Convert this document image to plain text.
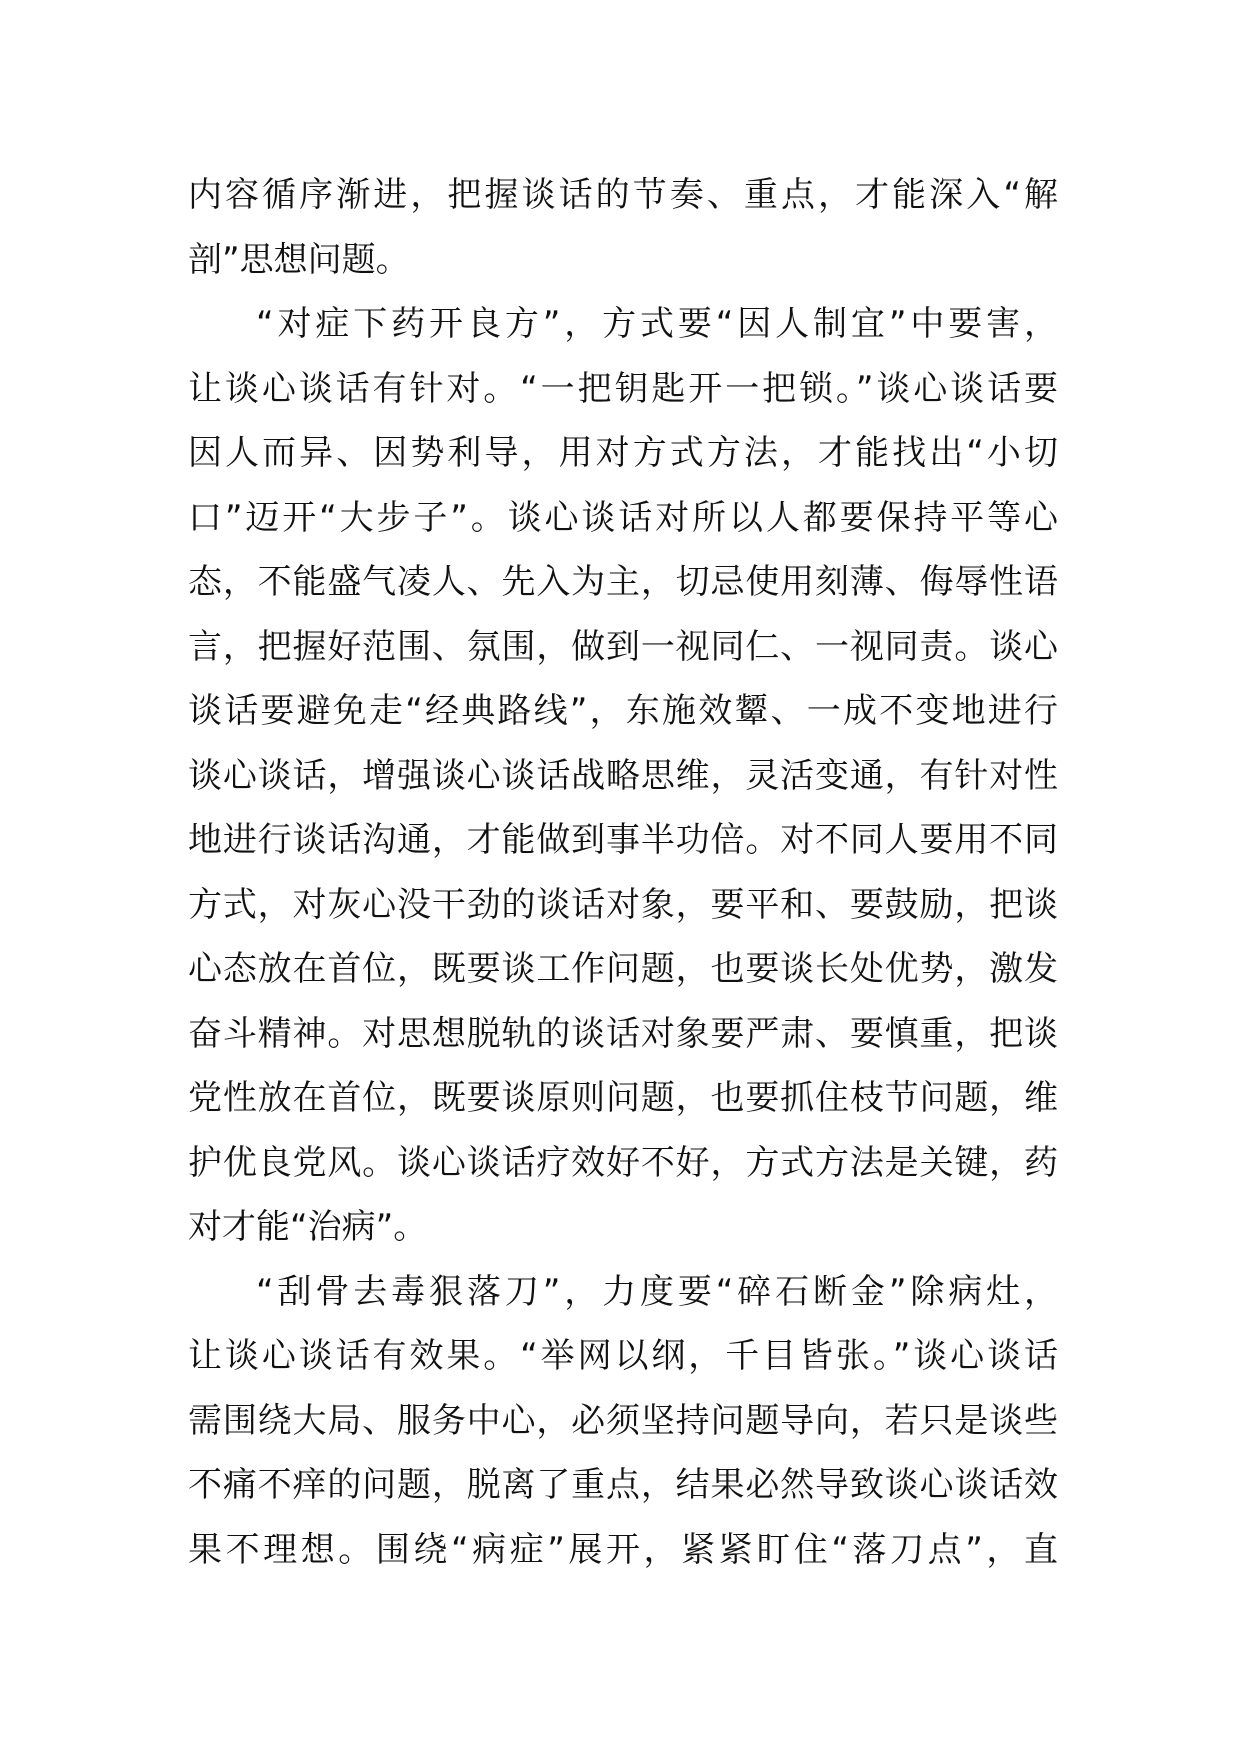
内容循序渐进，把握谈话的节奏、重点，才能深入“解
剖”思想问题。
“对症下药开良方”，方式要“因人制宜”中要害，
让谈心谈话有针对。“一把钥匙开一把锁。”谈心谈话要
因人而异、因势利导，用对方式方法，才能找出“小切
口”迈开“大步子”。谈心谈话对所以人都要保持平等心
态，不能盛气凌人、先入为主，切忌使用刻薄、侮辱性语
言，把握好范围、氛围，做到一视同仁、一视同责。谈心
谈话要避免走“经典路线”，东施效颦、一成不变地进行
谈心谈话，增强谈心谈话战略思维，灵活变通，有针对性
地进行谈话沟通，才能做到事半功倍。对不同人要用不同
方式，对灰心没干劲的谈话对象，要平和、要鼓励，把谈
心态放在首位，既要谈工作问题，也要谈长处优势，激发
奋斗精神。对思想脱轨的谈话对象要严肃、要慎重，把谈
党性放在首位，既要谈原则问题，也要抓住枝节问题，维
护优良党风。谈心谈话疗效好不好，方式方法是关键，药
对才能“治病”。
“刮骨去毒狠落刀”，力度要“碎石断金”除病灶，
让谈心谈话有效果。“举网以纲，千目皆张。”谈心谈话
需围绕大局、服务中心，必须坚持问题导向，若只是谈些
不痛不痒的问题，脱离了重点，结果必然导致谈心谈话效
果不理想。围绕“病症”展开，紧紧盯住“落刀点”，直
